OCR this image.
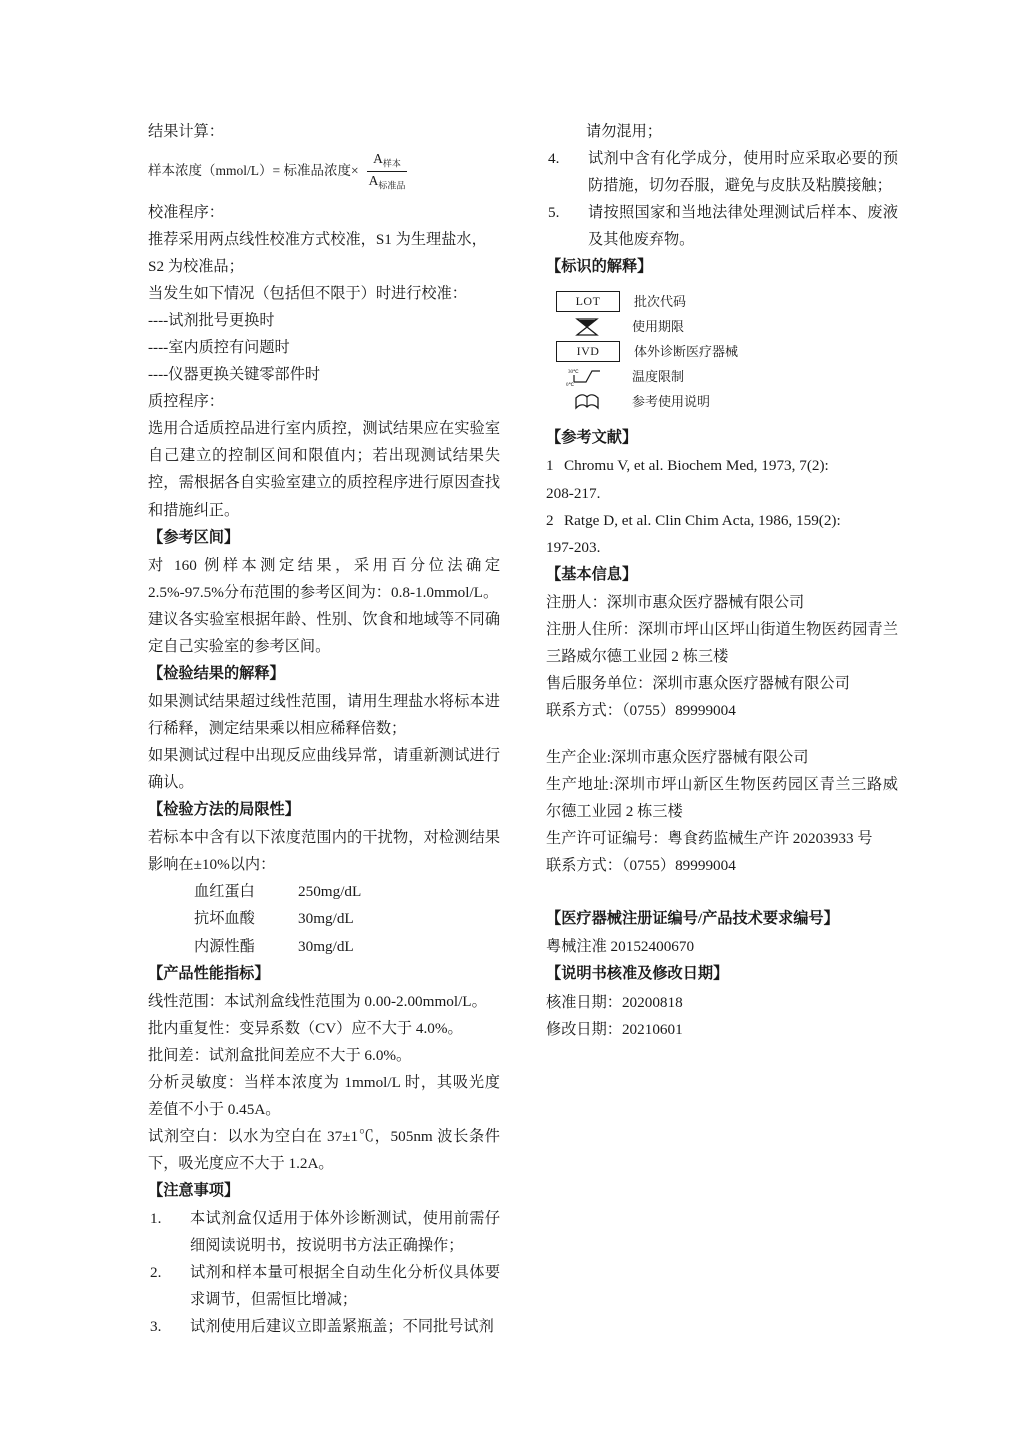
结果计算：

样本浓度（mmol/L）= 标准品浓度× $\frac{A_{样本}}{A_{标准品}}$

校准程序：

推荐采用两点线性校准方式校准，S1 为生理盐水，

S2 为校准品；

当发生如下情况（包括但不限于）时进行校准：

----试剂批号更换时

----室内质控有问题时

----仪器更换关键零部件时

质控程序：

选用合适质控品进行室内质控，测试结果应在实验室自己建立的控制区间和限值内；若出现测试结果失控，需根据各自实验室建立的质控程序进行原因查找和措施纠正。

【参考区间】

对 160 例样本测定结果，采用百分位法确定2.5%-97.5%分布范围的参考区间为：0.8-1.0mmol/L。

建议各实验室根据年龄、性别、饮食和地域等不同确定自己实验室的参考区间。

【检验结果的解释】

如果测试结果超过线性范围，请用生理盐水将标本进行稀释，测定结果乘以相应稀释倍数；

如果测试过程中出现反应曲线异常，请重新测试进行确认。

【检验方法的局限性】

若标本中含有以下浓度范围内的干扰物，对检测结果影响在±10%以内：

血红蛋白	250mg/dL
抗坏血酸	30mg/dL
内源性酯	30mg/dL

【产品性能指标】

线性范围：本试剂盒线性范围为 0.00-2.00mmol/L。

批内重复性：变异系数（CV）应不大于 4.0%。

批间差：试剂盒批间差应不大于 6.0%。

分析灵敏度：当样本浓度为 1mmol/L 时，其吸光度差值不小于 0.45A。

试剂空白：以水为空白在 37±1℃，505nm 波长条件下，吸光度应不大于 1.2A。

【注意事项】

1.	本试剂盒仅适用于体外诊断测试，使用前需仔细阅读说明书，按说明书方法正确操作；
2.	试剂和样本量可根据全自动生化分析仪具体要求调节，但需恒比增减；
3.	试剂使用后建议立即盖紧瓶盖；不同批号试剂

请勿混用；

4.	试剂中含有化学成分，使用时应采取必要的预防措施，切勿吞服，避免与皮肤及粘膜接触；
5.	请按照国家和当地法律处理测试后样本、废液及其他废弃物。

【标识的解释】

LOT	批次代码
使用期限
IVD	体外诊断医疗器械
30℃
0℃
温度限制
参考使用说明

【参考文献】

1 Chromu V, et al. Biochem Med, 1973, 7(2):
208-217.
2 Ratge D, et al. Clin Chim Acta, 1986, 159(2):
197-203.

【基本信息】

注册人：深圳市惠众医疗器械有限公司

注册人住所：深圳市坪山区坪山街道生物医药园青兰三路威尔德工业园 2 栋三楼

售后服务单位：深圳市惠众医疗器械有限公司

联系方式：（0755）89999004

生产企业:深圳市惠众医疗器械有限公司

生产地址:深圳市坪山新区生物医药园区青兰三路威尔德工业园 2 栋三楼

生产许可证编号：粤食药监械生产许 20203933 号

联系方式：（0755）89999004

【医疗器械注册证编号/产品技术要求编号】

粤械注准 20152400670

【说明书核准及修改日期】

核准日期：20200818

修改日期：20210601
